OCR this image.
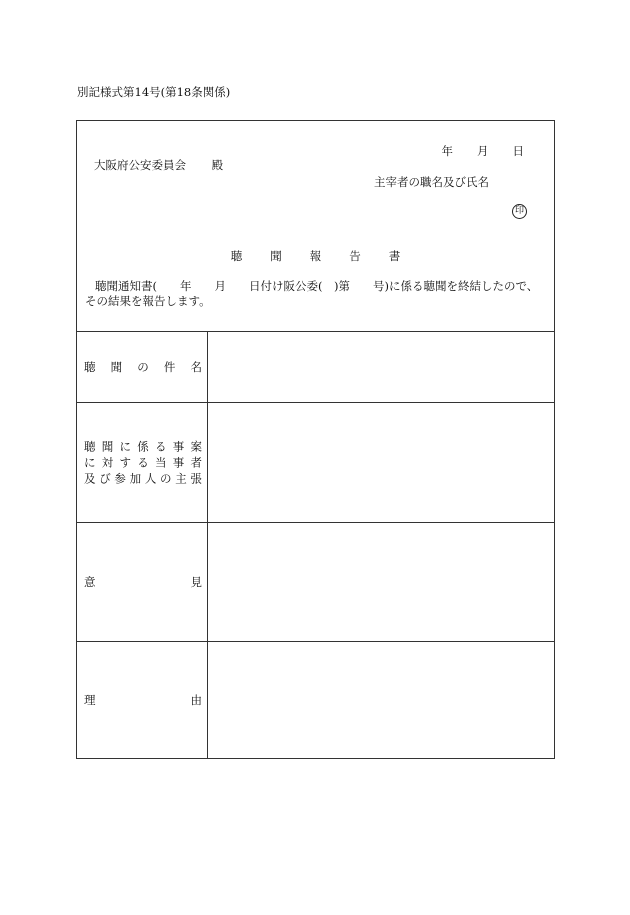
別記様式第14号(第18条関係)
年 月 日
大阪府公安委員会 殿
主宰者の職名及び氏名
印
聴 聞 報 告 書
聴聞通知書(　　年　　月　　日付け阪公委(　)第　　号)に係る聴聞を終結したので、
その結果を報告します。
聴 聞 の 件 名
聴 聞 に 係 る 事 案
に 対 す る 当 事 者
及 び 参 加 人 の 主 張
意	見
理	由
